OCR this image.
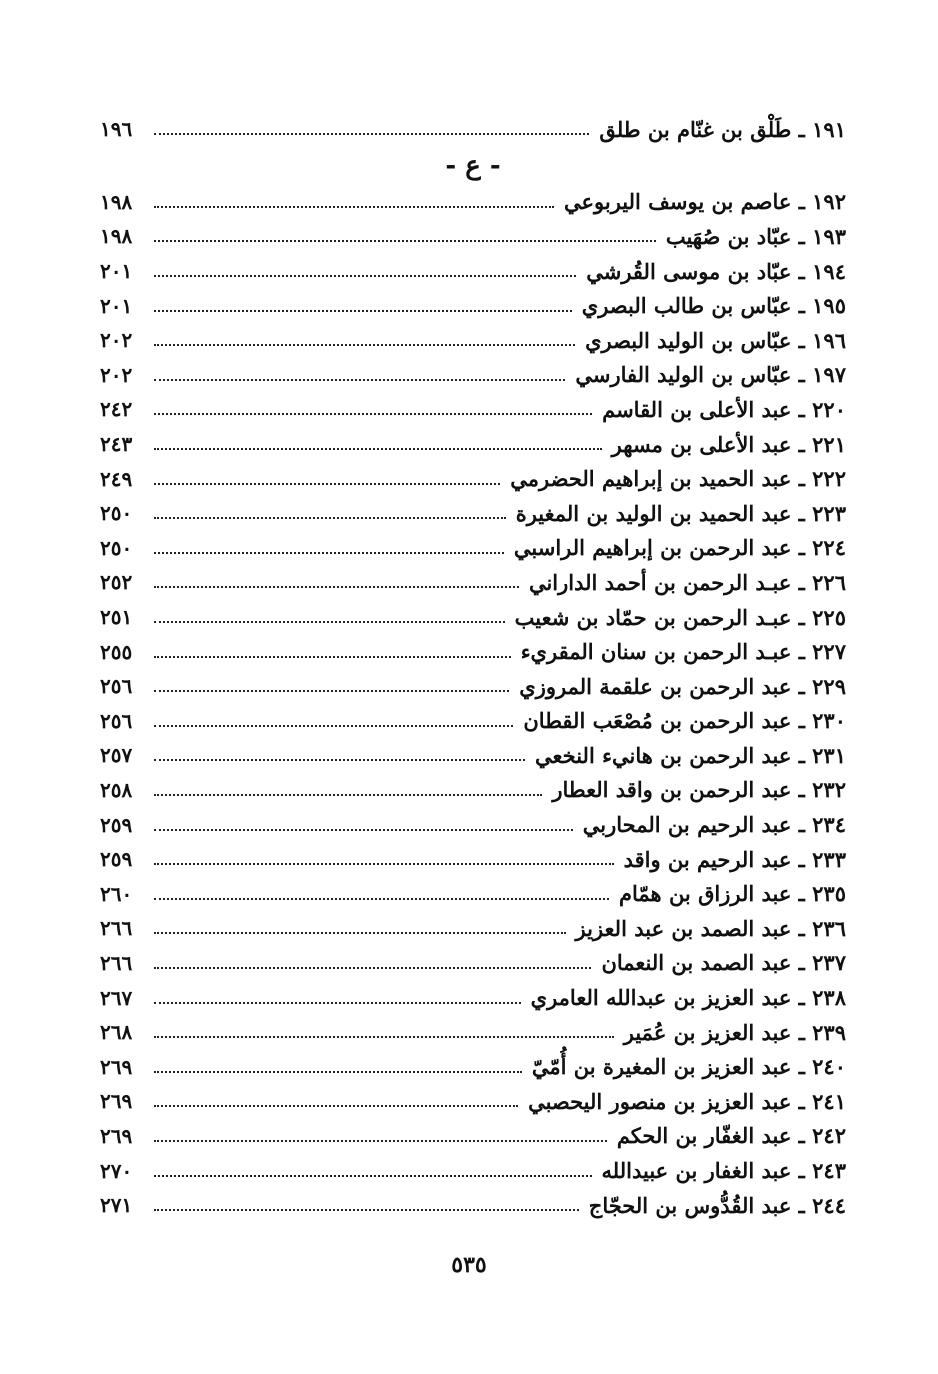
١٩١ ـ طَلْق بن غنّام بن طلق
١٩٦
- ع -
١٩٢ ـ عاصم بن يوسف اليربوعي
١٩٨
١٩٣ ـ عبّاد بن صُهَيب
١٩٨
١٩٤ ـ عبّاد بن موسى القُرشي
٢٠١
١٩٥ ـ عبّاس بن طالب البصري
٢٠١
١٩٦ ـ عبّاس بن الوليد البصري
٢٠٢
١٩٧ ـ عبّاس بن الوليد الفارسي
٢٠٢
٢٢٠ ـ عبد الأعلى بن القاسم
٢٤٢
٢٢١ ـ عبد الأعلى بن مسهر
٢٤٣
٢٢٢ ـ عبد الحميد بن إبراهيم الحضرمي
٢٤٩
٢٢٣ ـ عبد الحميد بن الوليد بن المغيرة
٢٥٠
٢٢٤ ـ عبد الرحمن بن إبراهيم الراسبي
٢٥٠
٢٢٦ ـ عبـد الرحمن بن أحمد الداراني
٢٥٢
٢٢٥ ـ عبـد الرحمن بن حمّاد بن شعيب
٢٥١
٢٢٧ ـ عبـد الرحمن بن سنان المقريء
٢٥٥
٢٢٩ ـ عبد الرحمن بن علقمة المروزي
٢٥٦
٢٣٠ ـ عبد الرحمن بن مُصْعَب القطان
٢٥٦
٢٣١ ـ عبد الرحمن بن هانيء النخعي
٢٥٧
٢٣٢ ـ عبد الرحمن بن واقد العطار
٢٥٨
٢٣٤ ـ عبد الرحيم بن المحاربي
٢٥٩
٢٣٣ ـ عبد الرحيم بن واقد
٢٥٩
٢٣٥ ـ عبد الرزاق بن همّام
٢٦٠
٢٣٦ ـ عبد الصمد بن عبد العزيز
٢٦٦
٢٣٧ ـ عبد الصمد بن النعمان
٢٦٦
٢٣٨ ـ عبد العزيز بن عبدالله العامري
٢٦٧
٢٣٩ ـ عبد العزيز بن عُمَير
٢٦٨
٢٤٠ ـ عبد العزيز بن المغيرة بن أُمّيّ
٢٦٩
٢٤١ ـ عبد العزيز بن منصور اليحصبي
٢٦٩
٢٤٢ ـ عبد الغفّار بن الحكم
٢٦٩
٢٤٣ ـ عبد الغفار بن عبيدالله
٢٧٠
٢٤٤ ـ عبد القُدُّوس بن الحجّاج
٢٧١
٥٣٥
